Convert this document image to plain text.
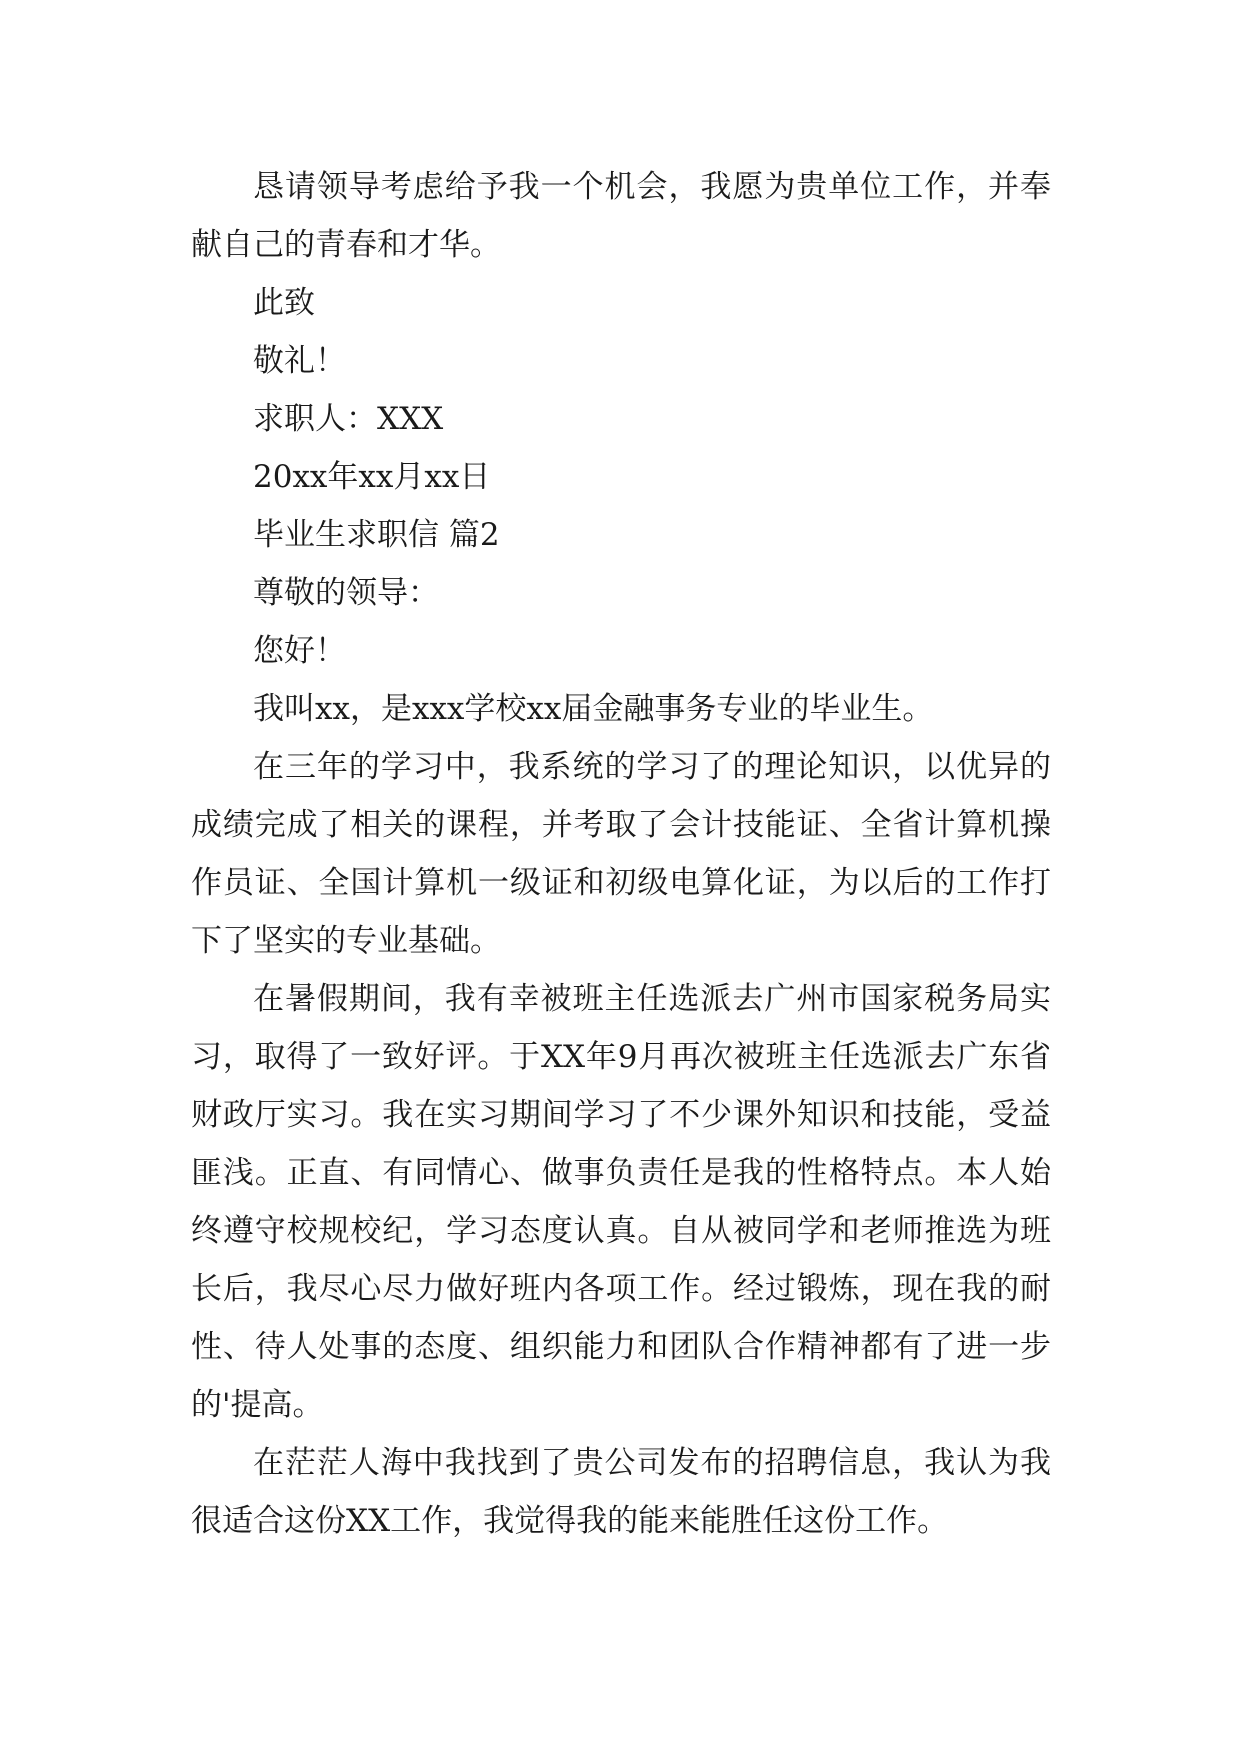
恳请领导考虑给予我一个机会，我愿为贵单位工作，并奉献自己的青春和才华。

此致

敬礼！

求职人：XXX

20xx年xx月xx日

毕业生求职信 篇2

尊敬的领导：

您好！

我叫xx，是xxx学校xx届金融事务专业的毕业生。

在三年的学习中，我系统的学习了的理论知识，以优异的成绩完成了相关的课程，并考取了会计技能证、全省计算机操作员证、全国计算机一级证和初级电算化证，为以后的工作打下了坚实的专业基础。

在暑假期间，我有幸被班主任选派去广州市国家税务局实习，取得了一致好评。于XX年9月再次被班主任选派去广东省财政厅实习。我在实习期间学习了不少课外知识和技能，受益匪浅。正直、有同情心、做事负责任是我的性格特点。本人始终遵守校规校纪，学习态度认真。自从被同学和老师推选为班长后，我尽心尽力做好班内各项工作。经过锻炼，现在我的耐性、待人处事的态度、组织能力和团队合作精神都有了进一步的'提高。

在茫茫人海中我找到了贵公司发布的招聘信息，我认为我很适合这份XX工作，我觉得我的能来能胜任这份工作。
